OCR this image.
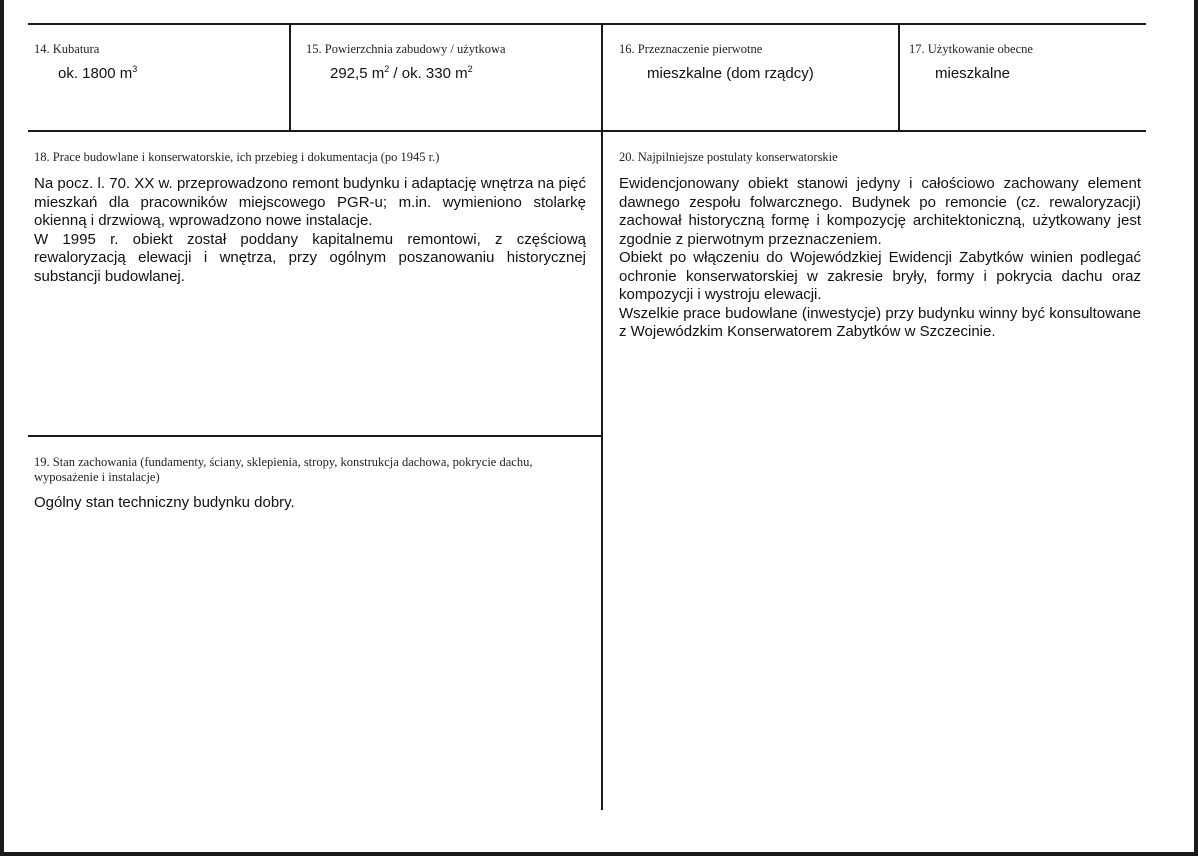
14. Kubatura

ok. 1800 $m^3$

15. Powierzchnia zabudowy / użytkowa

292,5 $m^2$ / ok. 330 $m^2$

16. Przeznaczenie pierwotne

mieszkalne (dom rządcy)

17. Użytkowanie obecne

mieszkalne

18. Prace budowlane i konserwatorskie, ich przebieg i dokumentacja (po 1945 r.)

Na pocz. l. 70. XX w. przeprowadzono remont budynku i adaptację wnętrza na pięć mieszkań dla pracowników miejscowego PGR-u; m.in. wymieniono stolarkę okienną i drzwiową, wprowadzono nowe instalacje.

W 1995 r. obiekt został poddany kapitalnemu remontowi, z częściową rewaloryzacją elewacji i wnętrza, przy ogólnym poszanowaniu historycznej substancji budowlanej.

19. Stan zachowania (fundamenty, ściany, sklepienia, stropy, konstrukcja dachowa, pokrycie dachu, wyposażenie i instalacje)

Ogólny stan techniczny budynku dobry.

20. Najpilniejsze postulaty konserwatorskie

Ewidencjonowany obiekt stanowi jedyny i całościowo zachowany element dawnego zespołu folwarcznego. Budynek po remoncie (cz. rewaloryzacji) zachował historyczną formę i kompozycję architektoniczną, użytkowany jest zgodnie z pierwotnym przeznaczeniem.

Obiekt po włączeniu do Wojewódzkiej Ewidencji Zabytków winien podlegać ochronie konserwatorskiej w zakresie bryły, formy i pokrycia dachu oraz kompozycji i wystroju elewacji.

Wszelkie prace budowlane (inwestycje) przy budynku winny być konsultowane z Wojewódzkim Konserwatorem Zabytków w Szczecinie.
